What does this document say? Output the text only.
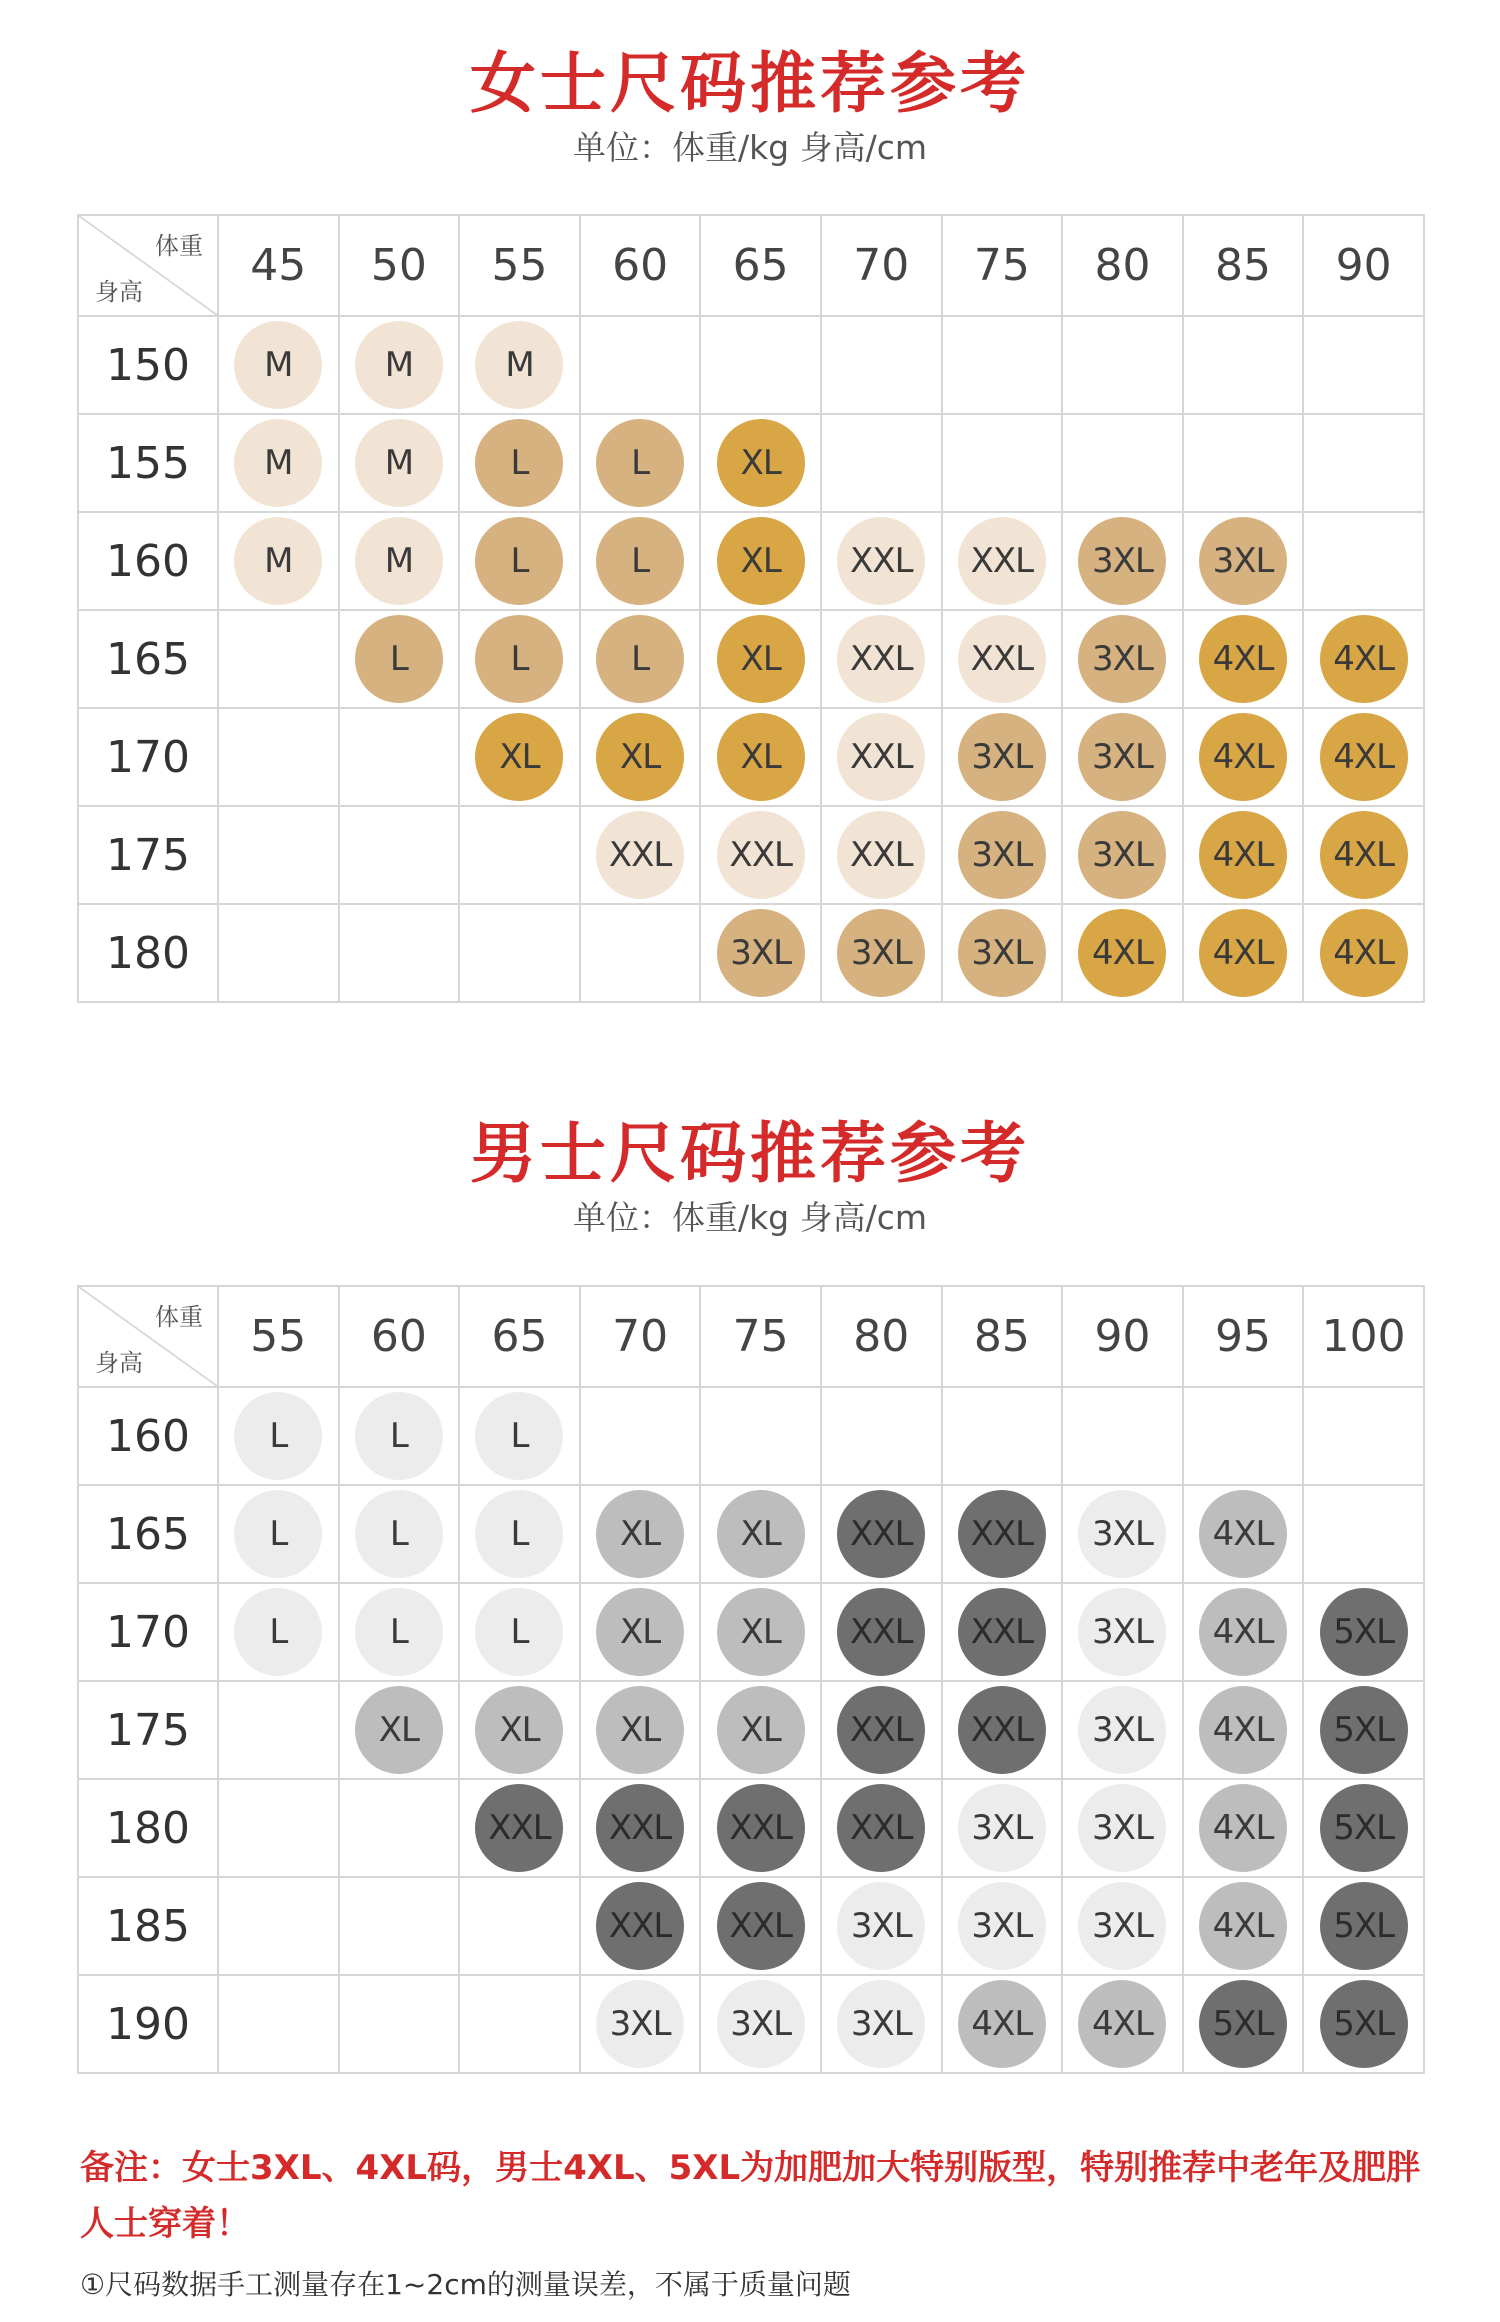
女士尺码推荐参考
单位：体重/kg 身高/cm
体重
身高	45	50	55	60	65	70	75	80	85	90
150	M	M	M							

155	M	M	L	L	XL					

160	M	M	L	L	XL	XXL	XXL	3XL	3XL	

165		L	L	L	XL	XXL	XXL	3XL	4XL	4XL

170			XL	XL	XL	XXL	3XL	3XL	4XL	4XL

175				XXL	XXL	XXL	3XL	3XL	4XL	4XL

180					3XL	3XL	3XL	4XL	4XL	4XL
男士尺码推荐参考
单位：体重/kg 身高/cm
体重
身高	55	60	65	70	75	80	85	90	95	100
160	L	L	L							

165	L	L	L	XL	XL	XXL	XXL	3XL	4XL	

170	L	L	L	XL	XL	XXL	XXL	3XL	4XL	5XL

175		XL	XL	XL	XL	XXL	XXL	3XL	4XL	5XL

180			XXL	XXL	XXL	XXL	3XL	3XL	4XL	5XL

185				XXL	XXL	3XL	3XL	3XL	4XL	5XL

190				3XL	3XL	3XL	4XL	4XL	5XL	5XL
备注：女士3XL、4XL码，男士4XL、5XL为加肥加大特别版型，特别推荐中老年及肥胖人士穿着！
①尺码数据手工测量存在1~2cm的测量误差，不属于质量问题
